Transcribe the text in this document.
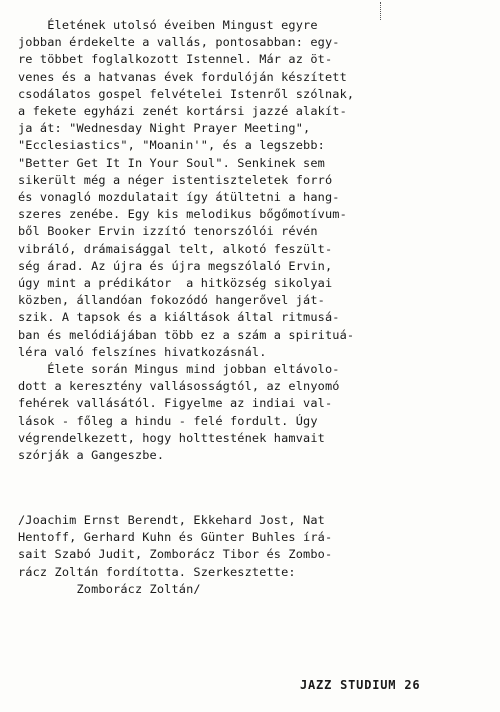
Életének utolsó éveiben Mingust egyre
jobban érdekelte a vallás, pontosabban: egy-
re többet foglalkozott Istennel. Már az öt-
venes és a hatvanas évek fordulóján készített
csodálatos gospel felvételei Istenről szólnak,
a fekete egyházi zenét kortársi jazzé alakít-
ja át: "Wednesday Night Prayer Meeting",
"Ecclesiastics", "Moanin'", és a legszebb:
"Better Get It In Your Soul". Senkinek sem
sikerült még a néger istentiszteletek forró
és vonagló mozdulatait így átültetni a hang-
szeres zenébe. Egy kis melodikus bőgőmotívum-
ből Booker Ervin izzító tenorszólói révén
vibráló, drámaisággal telt, alkotó feszült-
ség árad. Az újra és újra megszólaló Ervin,
úgy mint a prédikátor  a hitközség sikolyai
közben, állandóan fokozódó hangerővel ját-
szik. A tapsok és a kiáltások által ritmusá-
ban és melódiájában több ez a szám a spirituá-
léra való felszínes hivatkozásnál.
Élete során Mingus mind jobban eltávolo-
dott a keresztény vallásosságtól, az elnyomó
fehérek vallásától. Figyelme az indiai val-
lások - főleg a hindu - felé fordult. Úgy
végrendelkezett, hogy holttestének hamvait
szórják a Gangeszbe.
/Joachim Ernst Berendt, Ekkehard Jost, Nat
Hentoff, Gerhard Kuhn és Günter Buhles írá-
sait Szabó Judit, Zomborácz Tibor és Zombo-
rácz Zoltán fordította. Szerkesztette:
Zomborácz Zoltán/
JAZZ STUDIUM 26
